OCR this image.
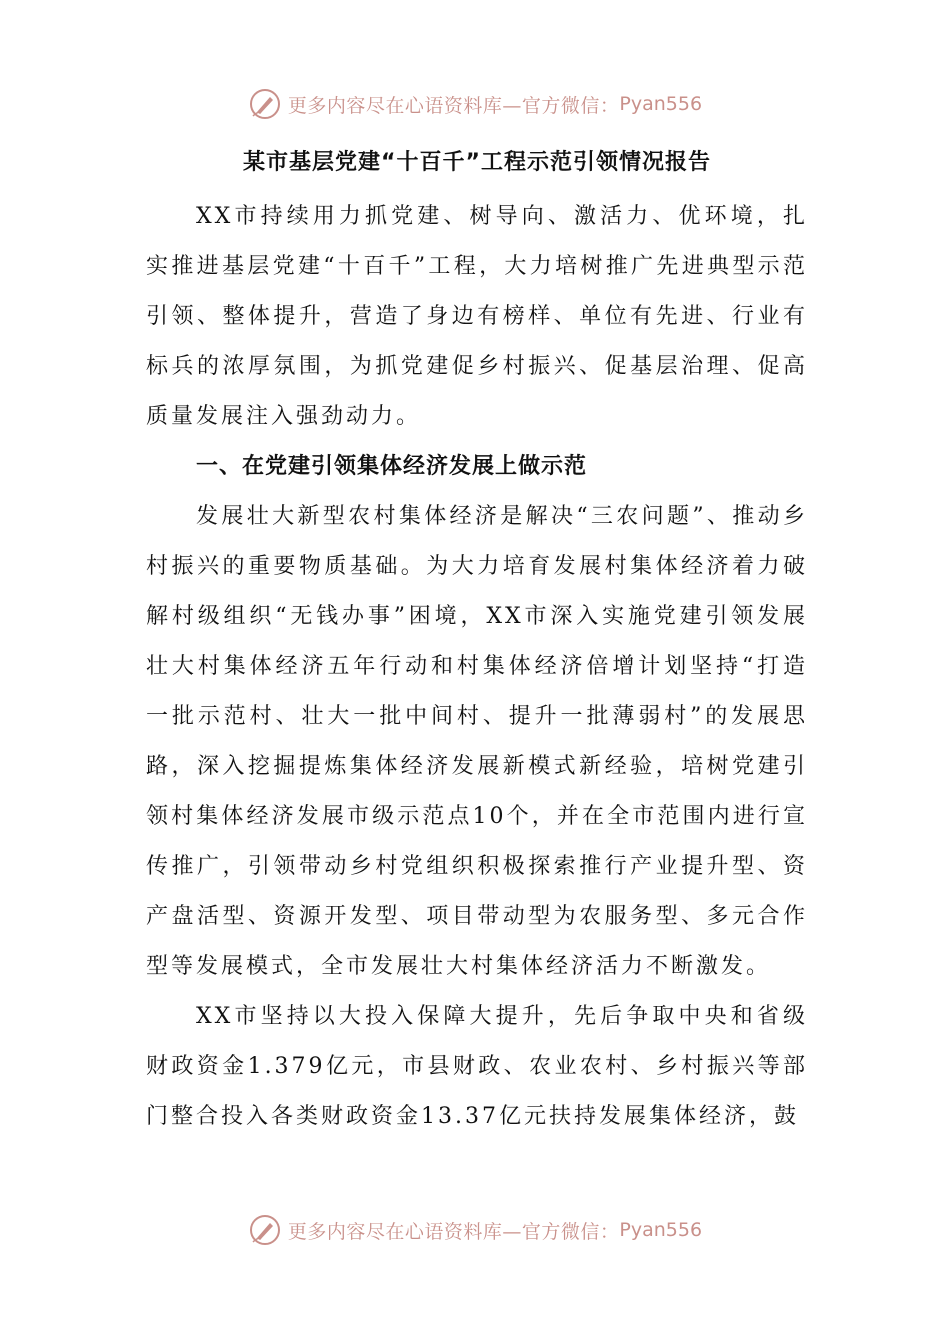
更多内容尽在心语资料库—官方微信： Pyan556
某市基层党建“十百千”工程示范引领情况报告

XX市持续用力抓党建、树导向、激活力、优环境，扎实推进基层党建“十百千”工程，大力培树推广先进典型示范引领、整体提升，营造了身边有榜样、单位有先进、行业有标兵的浓厚氛围，为抓党建促乡村振兴、促基层治理、促高质量发展注入强劲动力。

一、在党建引领集体经济发展上做示范

发展壮大新型农村集体经济是解决“三农问题”、推动乡村振兴的重要物质基础。为大力培育发展村集体经济着力破解村级组织“无钱办事”困境，XX市深入实施党建引领发展壮大村集体经济五年行动和村集体经济倍增计划坚持“打造一批示范村、壮大一批中间村、提升一批薄弱村”的发展思路，深入挖掘提炼集体经济发展新模式新经验，培树党建引领村集体经济发展市级示范点10个，并在全市范围内进行宣传推广，引领带动乡村党组织积极探索推行产业提升型、资产盘活型、资源开发型、项目带动型为农服务型、多元合作型等发展模式，全市发展壮大村集体经济活力不断激发。

XX市坚持以大投入保障大提升，先后争取中央和省级财政资金1.379亿元，市县财政、农业农村、乡村振兴等部门整合投入各类财政资金13.37亿元扶持发展集体经济，鼓

更多内容尽在心语资料库—官方微信： Pyan556
